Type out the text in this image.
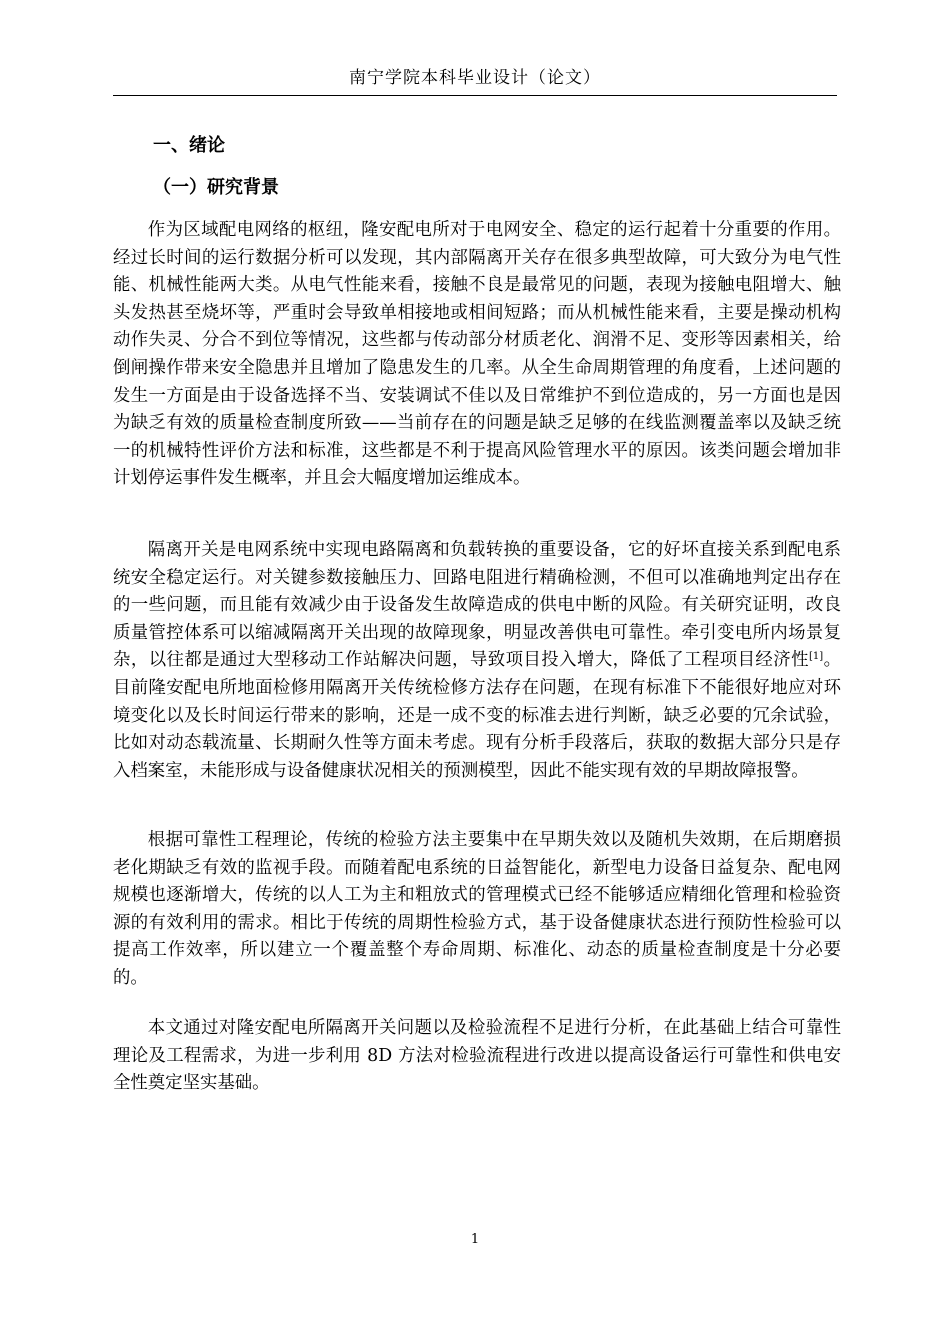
南宁学院本科毕业设计（论文）
一、绪论
（一）研究背景

作为区域配电网络的枢纽，隆安配电所对于电网安全、稳定的运行起着十分重要的作用。经过长时间的运行数据分析可以发现，其内部隔离开关存在很多典型故障，可大致分为电气性能、机械性能两大类。从电气性能来看，接触不良是最常见的问题，表现为接触电阻增大、触头发热甚至烧坏等，严重时会导致单相接地或相间短路；而从机械性能来看，主要是操动机构动作失灵、分合不到位等情况，这些都与传动部分材质老化、润滑不足、变形等因素相关，给倒闸操作带来安全隐患并且增加了隐患发生的几率。从全生命周期管理的角度看，上述问题的发生一方面是由于设备选择不当、安装调试不佳以及日常维护不到位造成的，另一方面也是因为缺乏有效的质量检查制度所致——当前存在的问题是缺乏足够的在线监测覆盖率以及缺乏统一的机械特性评价方法和标准，这些都是不利于提高风险管理水平的原因。该类问题会增加非计划停运事件发生概率，并且会大幅度增加运维成本。

隔离开关是电网系统中实现电路隔离和负载转换的重要设备，它的好坏直接关系到配电系统安全稳定运行。对关键参数接触压力、回路电阻进行精确检测，不但可以准确地判定出存在的一些问题，而且能有效减少由于设备发生故障造成的供电中断的风险。有关研究证明，改良质量管控体系可以缩减隔离开关出现的故障现象，明显改善供电可靠性。牵引变电所内场景复杂，以往都是通过大型移动工作站解决问题，导致项目投入增大，降低了工程项目经济性[1]。 目前隆安配电所地面检修用隔离开关传统检修方法存在问题，在现有标准下不能很好地应对环境变化以及长时间运行带来的影响，还是一成不变的标准去进行判断，缺乏必要的冗余试验，比如对动态载流量、长期耐久性等方面未考虑。现有分析手段落后，获取的数据大部分只是存入档案室，未能形成与设备健康状况相关的预测模型，因此不能实现有效的早期故障报警。

根据可靠性工程理论，传统的检验方法主要集中在早期失效以及随机失效期，在后期磨损老化期缺乏有效的监视手段。而随着配电系统的日益智能化，新型电力设备日益复杂、配电网规模也逐渐增大，传统的以人工为主和粗放式的管理模式已经不能够适应精细化管理和检验资源的有效利用的需求。相比于传统的周期性检验方式，基于设备健康状态进行预防性检验可以提高工作效率，所以建立一个覆盖整个寿命周期、标准化、动态的质量检查制度是十分必要的。

本文通过对隆安配电所隔离开关问题以及检验流程不足进行分析，在此基础上结合可靠性理论及工程需求，为进一步利用 8D 方法对检验流程进行改进以提高设备运行可靠性和供电安全性奠定坚实基础。

1
